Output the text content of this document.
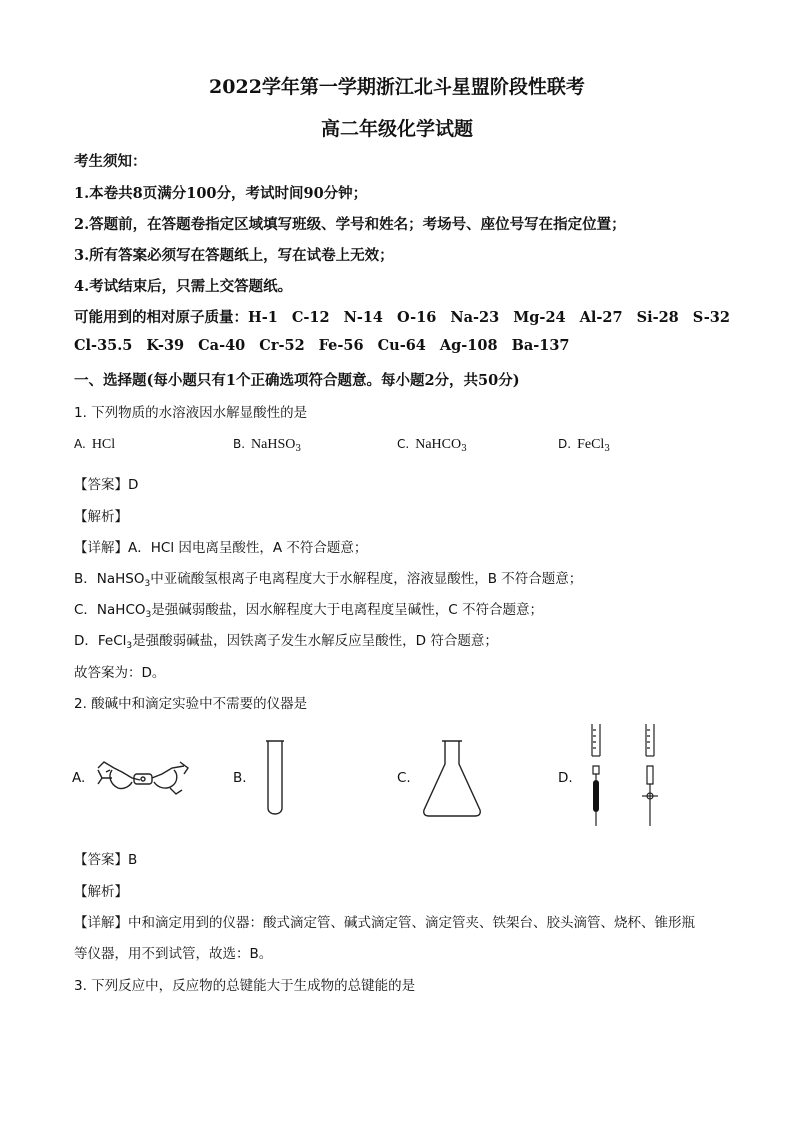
2022学年第一学期浙江北斗星盟阶段性联考
高二年级化学试题
考生须知：
1.本卷共8页满分100分，考试时间90分钟；
2.答题前，在答题卷指定区域填写班级、学号和姓名；考场号、座位号写在指定位置；
3.所有答案必须写在答题纸上，写在试卷上无效；
4.考试结束后，只需上交答题纸。
可能用到的相对原子质量：H-1 C-12 N-14 O-16 Na-23 Mg-24 Al-27 Si-28 S-32
Cl-35.5 K-39 Ca-40 Cr-52 Fe-56 Cu-64 Ag-108 Ba-137
一、选择题(每小题只有1个正确选项符合题意。每小题2分，共50分)
1. 下列物质的水溶液因水解显酸性的是
A. HCl	B. NaHSO$_3$	C. NaHCO$_3$	D. FeCl$_3$
【答案】D
【解析】
【详解】A．HCl 因电离呈酸性，A 不符合题意；
B．NaHSO$_3$中亚硫酸氢根离子电离程度大于水解程度，溶液显酸性，B 不符合题意；
C．NaHCO$_3$是强碱弱酸盐，因水解程度大于电离程度呈碱性，C 不符合题意；
D．FeCl$_3$是强酸弱碱盐，因铁离子发生水解反应呈酸性，D 符合题意；
故答案为：D。
2. 酸碱中和滴定实验中不需要的仪器是
A.	B.	C.	D.
【答案】B
【解析】
【详解】中和滴定用到的仪器：酸式滴定管、碱式滴定管、滴定管夹、铁架台、胶头滴管、烧杯、锥形瓶
等仪器，用不到试管，故选：B。
3. 下列反应中，反应物的总键能大于生成物的总键能的是
